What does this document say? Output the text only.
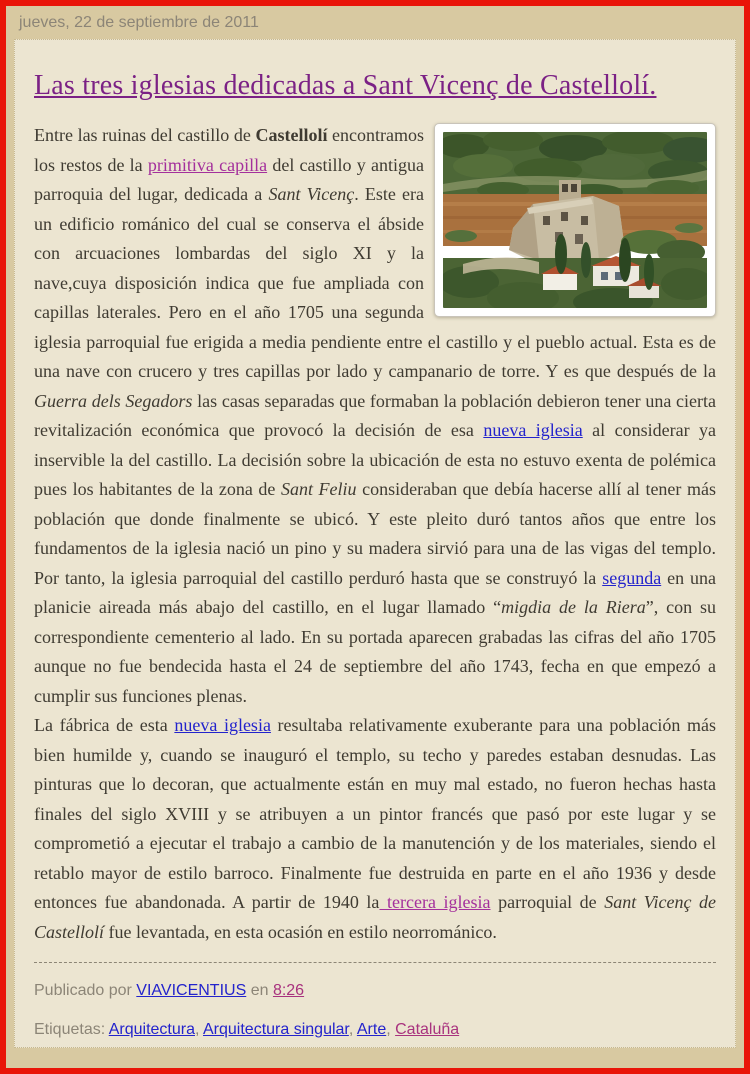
jueves, 22 de septiembre de 2011
Las tres iglesias dedicadas a Sant Vicenç de Castellolí.

Entre las ruinas del castillo de Castellolí encontramos los restos de la primitiva capilla del castillo y antigua parroquia del lugar, dedicada a Sant Vicenç. Este era un edificio románico del cual se conserva el ábside con arcuaciones lombardas del siglo XI y la nave,cuya disposición indica que fue ampliada con capillas laterales. Pero en el año 1705 una segunda iglesia parroquial fue erigida a media pendiente entre el castillo y el pueblo actual. Esta es de una nave con crucero y tres capillas por lado y campanario de torre. Y es que después de la Guerra dels Segadors las casas separadas que formaban la población debieron tener una cierta revitalización económica que provocó la decisión de esa nueva iglesia al considerar ya inservible la del castillo. La decisión sobre la ubicación de esta no estuvo exenta de polémica pues los habitantes de la zona de Sant Feliu consideraban que debía hacerse allí al tener más población que donde finalmente se ubicó. Y este pleito duró tantos años que entre los fundamentos de la iglesia nació un pino y su madera sirvió para una de las vigas del templo. Por tanto, la iglesia parroquial del castillo perduró hasta que se construyó la segunda en una planicie aireada más abajo del castillo, en el lugar llamado “migdia de la Riera”, con su correspondiente cementerio al lado. En su portada aparecen grabadas las cifras del año 1705 aunque no fue bendecida hasta el 24 de septiembre del año 1743, fecha en que empezó a cumplir sus funciones plenas.

La fábrica de esta nueva iglesia resultaba relativamente exuberante para una población más bien humilde y, cuando se inauguró el templo, su techo y paredes estaban desnudas. Las pinturas que lo decoran, que actualmente están en muy mal estado, no fueron hechas hasta finales del siglo XVIII y se atribuyen a un pintor francés que pasó por este lugar y se comprometió a ejecutar el trabajo a cambio de la manutención y de los materiales, siendo el retablo mayor de estilo barroco. Finalmente fue destruida en parte en el año 1936 y desde entonces fue abandonada. A partir de 1940 la tercera iglesia parroquial de Sant Vicenç de Castellolí fue levantada, en esta ocasión en estilo neorrománico.

Publicado por VIAVICENTIUS en 8:26
Etiquetas: Arquitectura, Arquitectura singular, Arte, Cataluña
